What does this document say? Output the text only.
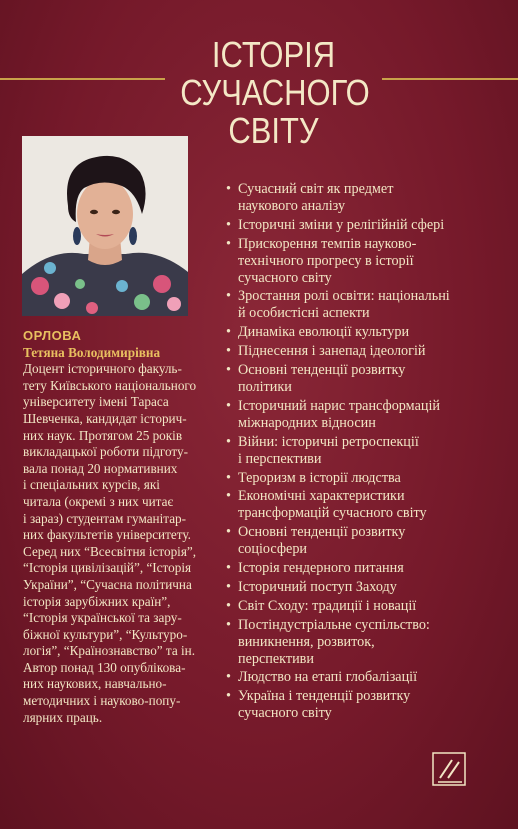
ІСТОРІЯ
СУЧАСНОГО
СВІТУ
ОРЛОВА
Тетяна Володимирівна
Доцент історичного факуль-
тету Київського національного
університету імені Тараса
Шевченка, кандидат історич-
них наук. Протягом 25 років
викладацької роботи підготу-
вала понад 20 нормативних
і спеціальних курсів, які
читала (окремі з них читає
і зараз) студентам гуманітар-
них факультетів університету.
Серед них “Всесвітня історія”,
“Історія цивілізацій”, “Історія
України”, “Сучасна політична
історія зарубіжних країн”,
“Історія української та зару-
біжної культури”, “Культуро-
логія”, “Країнознавство” та ін.
Автор понад 130 опублікова-
них наукових, навчально-
методичних і науково-попу-
лярних праць.
• Сучасний світ як предмет
наукового аналізу
• Історичні зміни у релігійній сфері
• Прискорення темпів науково-
технічного прогресу в історії
сучасного світу
• Зростання ролі освіти: національні
й особистісні аспекти
• Динаміка еволюції культури
• Піднесення і занепад ідеологій
• Основні тенденції розвитку
політики
• Історичний нарис трансформацій
міжнародних відносин
• Війни: історичні ретроспекції
і перспективи
• Тероризм в історії людства
• Економічні характеристики
трансформацій сучасного світу
• Основні тенденції розвитку
соціосфери
• Історія гендерного питання
• Історичний поступ Заходу
• Світ Сходу: традиції і новації
• Постіндустріальне суспільство:
виникнення, розвиток,
перспективи
• Людство на етапі глобалізації
• Україна і тенденції розвитку
сучасного світу
